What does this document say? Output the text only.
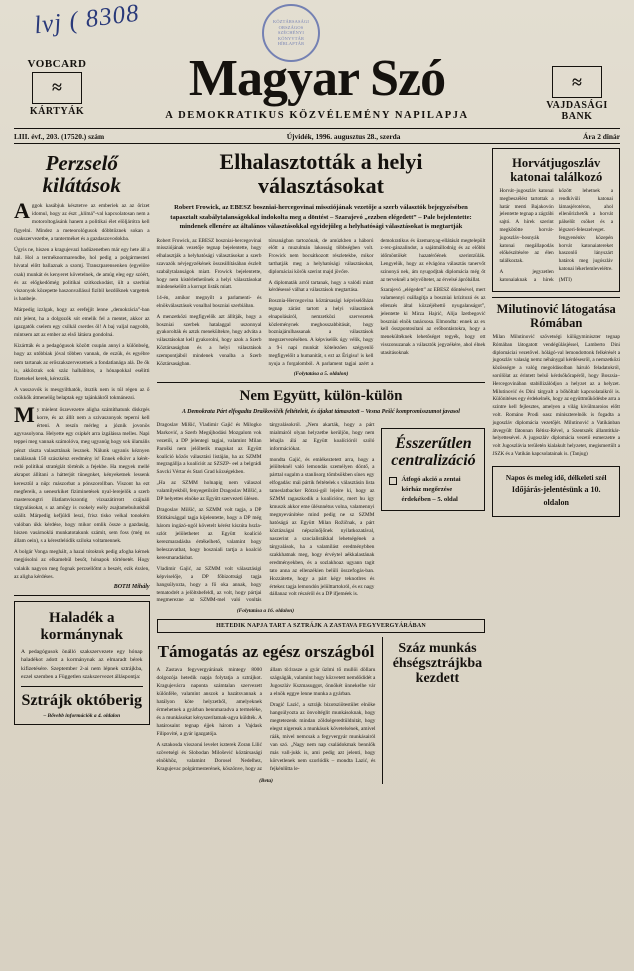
lvj ( 8308	KÖZTÁRSASÁGI ORSZÁGOS SZÉCHÉNYI KÖNYVTÁR HÍRLAPTÁR
VOBCARD
≈
KÁRTYÁK
Magyar Szó
A DEMOKRATIKUS KÖZVÉLEMÉNY NAPILAPJA

≈
VAJDASÁGI BANK
LIII. évf., 203. (17520.) szám	Újvidék, 1996. augusztus 28., szerda	Ára 2 dinár
Perzselő kilátások

Aggok kasábjuk késztetve az emberiek az az őrizet idomul, hogy az észt „klímá”-val kapcsolatosan nem a motoroltogásánk hanem a politikai élet elöljárótra kell figyelni. Mindez a meteorológusok döbbtöznek sokan a csakszervezetbe, a tanterméket és a gazdaszovodokba.

Úgyis ne, hiszen a kragujevazi hadüzenetben már egy hete áll a hál. Hol a terméknormarendbe, hol pedig a polgármesteri hivatal előtt ballaznak a szomj. Transzparensenken (egyelőre csak) munkát és kenyeret követelnek, de amúg eleg egy szóért, és az előgkedömég politikai szitkozkodást, ült a szerbiai viszonyok közepette haszonvallásul fizibil kezdőknek vargettek is hanbeje.

Márpedig izzlgak, hogy az erefejjít lenne „demokrácia”-ban mit jelent, ha a dolgozók sót emelik fel a mentet, akkor az igazgatók cselem egy csilkál cserdes öl! A baj valjal nagyobb, mintsem azt az ember az első látásra gondolná.

Kizártták és a pedagógusok között csupán annyi a különbség, hogy az utóbbiak jóval többen vannak, de ezzük, és egyébre nem tartanak az erőszakszervezetnek a fondatlanága alá. De ők is, akkörzuk sok száz halbábitos, a hónapokkal esélitti fizetsekel kerek, kérezzük.

A vasszovók is mesgyilthatók, ítsztik nem is túl régen az ő csökkők átmenelőg belaptak egy tajánkákről tokmánezsi.

My mielent őszevezetre aligha számíthatunk diskrgés korre, és az állít nem a szivaszonyok teperni kell érteni. A reszín mérleg a józnik jovonös agyvasolyona. Helyette egy csipkét arra izgálássa melles. Napi teppei meg vannak számolóva, meg ugyanúg hogy sok ülamális pénzt rászta valaszttának lesznek. Nálunk ugyanis kéznyen tanálásnak 150 szászkénz eredmény is! Ennek elkövr a kérét-redó politikai stratégiát történik a fejekbe. Ha megyek mellé akrapot állítani a hátterjót tünegnket, kényeketnek lessenk keresztül a nüp: mászorbat a pónszorollban. Viszont ha ezt megfereik, a uenesrkiket fiziminetések nyal-lerejelők a szerb mastersongtri illatlamviszontig vizsazátirrott czájnáli tárgyalásokat, s az amögy is csokely esély zsajtamebulunkbál szálit. Márpedig kefjúldi leszi, frisz tisko velkal tonokérn valóban úkk kérdése, hogy mikor omlik össze a gazdaság, hiszen vasárnoklá munkatotakunk számit, sem foss (még ns állam oein), s a kérestlelódik sziloka voltamennek.

A bolgár Vonga meghált, a hazai tótoktok pedig afogha kérnek megjósolni az elkamebül besőt, hónapok történetét. Hogy valakik nagyon meg fognak perzsellőtnt a beszét, ezik ézslen, az aligha kérdéses.

BOTH Mihály
Haladék a kormánynak
A pedagógusok önálló szakszervezete egy hónap haladékot adott a kormánynak az elmaradt bérek kifizetésére. Szeptember 2-ai nem lépnek sztrájkba, ezzel szemben a Független szakszervezet álláspontja:
Sztrájk októberig
– Bővebb információk a 4. oldalon
Elhalasztották a helyi választásokat
Robert Frowick, az EBESZ boszniai-hercegovinai missziójának vezetője a szerb választók bejegyzésében tapasztalt szabálytalanságokkal indokolta meg a döntést – Szarajevó „ezzben elégedett” – Pale bejelentette: mindenek ellenére az általános választásokkal egyidejűleg a helyhatósági választásokat is megtartják

Robert Frowick, az EBESZ boszniai-hercegovinai missziójának vezetője tegnap bejelentette, hogy elhalasztják a helyhatósági választásokat a szerb szavazók névjegyzékének összeállításában észlelt szabálytalanságok miatt. Frowick bejelentette, hogy nem kistérlethetőnek a helyi választásokat mindenekelőtt a korrupt listák miatt.

14-én, amikor megnyílt a parlamenti- és elnökválasztások vonalbal boszniai szerbiában.

A menzetközi megfigyelők azt állítják, hogy a boszniai szerbek hatalaggal uszonnyal gyakorolták és aztzk menekültekre, hogy adváta a választásokat kell gyakorolni, hogy azok a Szerb Köztársaságban és a helyi választások szempontjából mindenek vonalba a Szerb Köztársaságban.

túrsanágban tartozónak, de amúzkben a háború előtt a muzulmán lakosság többségben volt. Frowick nem bocsátkozott részletekbe, mikor tarthatják meg a helyhatósági választásokat, diplomáciai körök szerint majd jövőre.

A diplomaták arról tartanak, hogy a valódi miatt kérdésessé válhat a választások megtartása.

Bosznia-Hercegovina köztársasági képviselőháza tegnap zárást tartott a helyi választások elnapolásáról, nemzetközi szervezetek közleménynek meghosszabbítását, hogy bozníajárulhassanak a választások megszervezésében. A képviselők úgy vélik, hogy a 9-i napi munkát kötelezően szégyenlő megfigyelőit a humanität, s ezt az Érigisu! is kell nyuja a forgalomból. A parlament tagjai azért a demokratikus és üzemanyag-ellátását megtelepült z-rez-gánzalindot, a sajátmállodnig és az előbbi időmöntökét hazatérőének szerintzülák. Lengyelük, hogy az elvágóna választás tanervőt szinonyá nek, ám nyugodjtak diplomácia még őt az terveknél a telyvőltetet, az érvelsé ápróbállat.

Szarajevó „elégedett” az EBESZ döntésével, mert valamennyi csállagítja a boszniai krízitozó és az ellenzés által közzéjéhettő nyugalanságot”, jelentette ki Mirza Hajrić, Alija Izetbegović boszniai elnök tanácsosa. Elmondta: ennek az ex kell összpontosítani az erőbontástokra, hogy a menekültéknek lehetőséget tegyék, hogy ott visszonuzanak a választók jegyzékére, ahol élnek utasításoknak

(Folytatása a 5. oldalon)
Nem Együtt, külön-külön
A Demokrata Párt elfogadta Draškovičék feltételeit, és újakat támasztott – Vesna Pešić kompromisszumot javasol

Dragoslav Milšić, Vladimir Gajić és Milogko Marković, a Szerb Megújhodási Mozgalom vok vezetői, a DP jelentegi tagjai, valamint Milan Paroški nem jelöltetik magukat az Együtt koalíció közös választási listáján, ha az SZMM megragállja a koalíciót az SZSZP- eel a belgrádi Savcki Vértar és Stari Grad községekben.

„Ha az SZMM holnapig nem válaszol valamilyekből, fenyegetőzött Dragoslav Milšić, a DP helyettes elnöke az Együtt szervezeti ülésen.

Dragoslav Milšić, az SZMM volt tagja, a DP főtitkársággal tagja kijelentette, hogy a DP még három ingázó-ngól követelt kérést kiszúta hszla-szlót jelölethetet az Együtt koalíció kerezmaradásba értékelhető, valamint hogy beleszavatbat, hogy boszniali tartja a koalció keresmaradásbat.

Vladimir Gajić, az SZMM volt választásigi képviselője, a DP főbizottsági tagja hangsúlyozta, hogy a fő oka annak, hogy tematodrét a jelöltsbefeldl, az volt, hogy pártjai megmerezne az SZMM-mel való vonltás tárgyalásokról. „Nem akarták, hogy a párt mialmáról olyan helyzetbe kerüljön, hogy nem lehajla álá az Együtt koalícióról szóló információkat.

mondta Gajić, és emlékeztetett arra, hogy a jelölteknél való lemondás személyen döntő, a párttal sugalm a stanlisorg tömbsökben sínex egy elfogadás: mái pártik feltételek s választásin lista tameslatbacker Rótzsi-gól lejeire ki, hogy az SZMM ragaszkodik a koalíciónc, mert hu igy kmuszk akkor eme ülésnnétus volna, valamennyi megnyevánítése mind pedig ne sz SZMM hatóságá az Együtt Milan Rožičnak, a párt köztázságai népszínőjőnek nyilatkozatával, naszerint a szocialistákkal lehetségének a tárgyalások, ha a valamilást eredménybben szakkhatnak meg, hogy érvéytel aékkalastának eredményekben, és a sozlakhoaz ugyann tagit tato anna az ellenzékien belüli összefogás-ban. Hozzátette, hogy a párt kégy teknotlres és értekez tagja lemondón jelülttartokról, és ez nagy dállanaz volt részéről és a DP ifjeméek is.

(Folytatása a 16. oldalon)
Ésszerűtlen centralizáció
Átfogó akció a zentai kórház megőrzése érdekében – 5. oldal
HETEDIK NAPJA TART A SZTRÁJK A ZASTAVA FEGYVERGYÁRÁBAN
Támogatás az egész országból

A Zastava fegyvergyárának mintegy 8000 dolgozója hetedik napja folytatja a sztrájkot. Kragujevácra naponta számtalan szervezett különféle, valamint anszok a hazátsvannak a hatályon köte helyzetből, amelyeknek érmehetnek a gyárban bennmaradva a termeléke, és a munkásokat kényszerítatnak-agya küldték. A határosaint tegnap éjjek három a Vajdask Filipovité, a gyár igazgatója.

A sztakosda visszonú levelet iszterek Zoran Lilić szövetségi és Slobodan Milošević köztársasági elnökhöz, valamint Dorosel Nedelhez, Kragujevac polgármesterének, köszönve, hogy az állam tö:lrasze a gyár üzlmi tő mullöi döllaru szágságák, valamint hogy közvetett nemdödidét a Jugoszláv Kszmasuggot, önnökét ünnekelhe vár a elnök eggye lenne munka a gyárban.

Dragić Lazić, a sztrájk bizotsziötestület elnöke hangsúlyozta az önvoltéglit munkásoknak, hogy megtetezenk mindan zöldségeredtüldnitát, hogy elegst nigereak a munkások követelsének, amivel ráák, mivel nemcsak a fegyvergyár munkásairól van szó. „Nagy nem nap családokmak bennlők más vall-jukk is, ami pedig azt jelenti, hogy körvetlenek nem szorlódik – mondta Lazić, és fejkénlűtta le-

(Beta)
Száz munkás éhségsztrájkba kezdett
Horvátjugoszláv katonai találkozó

Horvát–jugoszláv katonai megbeszélést tartottak a határ menti Bajakovón jelentette tegnap a zágrábi sajtó. A hírek szerint megkötötte horvát-jugoszláv–bosnyák katonai megállapodás előkészítésére az élen találkoztak.

A jegyzetlen katonaiaknak a hírek között lehetnek a rendkívüli katonai lámasjérotéron, ahol ellenőrizhetők a horvát pálselűt csöket és a légszeri-feleszelveget. fengyenénkv közepén horvát katonaiatereket haszonlő lányszárt határok meg jugószláv katonai lékerlemlevelétre.

(MTI)

Milutinović látogatása Rómában

Milan Milutinović szövetségi külügyminiszter tegnap Rómában látogatott vendégülásjéssel, Lamberto Dini diplomáciai vezetővel. hólágó-val lemondottonk felkérését a jugoszláv valaság nemz néhánygal kérdésesről, a nemzetközi közösségre a valóg megoldásolban háruló feladatokról, sorólölat az érintett belső kérdsőkőrapéről, hogy Boszsia–Hercegovinában stabillizálódjon a helyzet az a helyzet. Milutinović és Dini tárgyalt a bőhöltalt kapcsolataikról is. Különitéses egy érdekelnék, hogy az együttműködésbe arra a szintre kell fejlesztes, amelyen a világ kivülmaroios előtt volt. Románo Prodi oasz miniszterelnök is fogadta a jugoszláv diplomácia vezetőjét. Milutinović a Vatikánban átvegyült fátonnan Rétisz-Rével, a Szentszék államtitkár-helyettesével. A jugoszláv diplomácia vezető esmerzetre a volt Jugoszlávia területén kialakult helyzetet, megismertült a JSZK és a Vatikán kapcsolatainak is. (Tanjug)

Napos és meleg idő, délkeleti szél
Időjárás-jelentésünk a 10. oldalon
